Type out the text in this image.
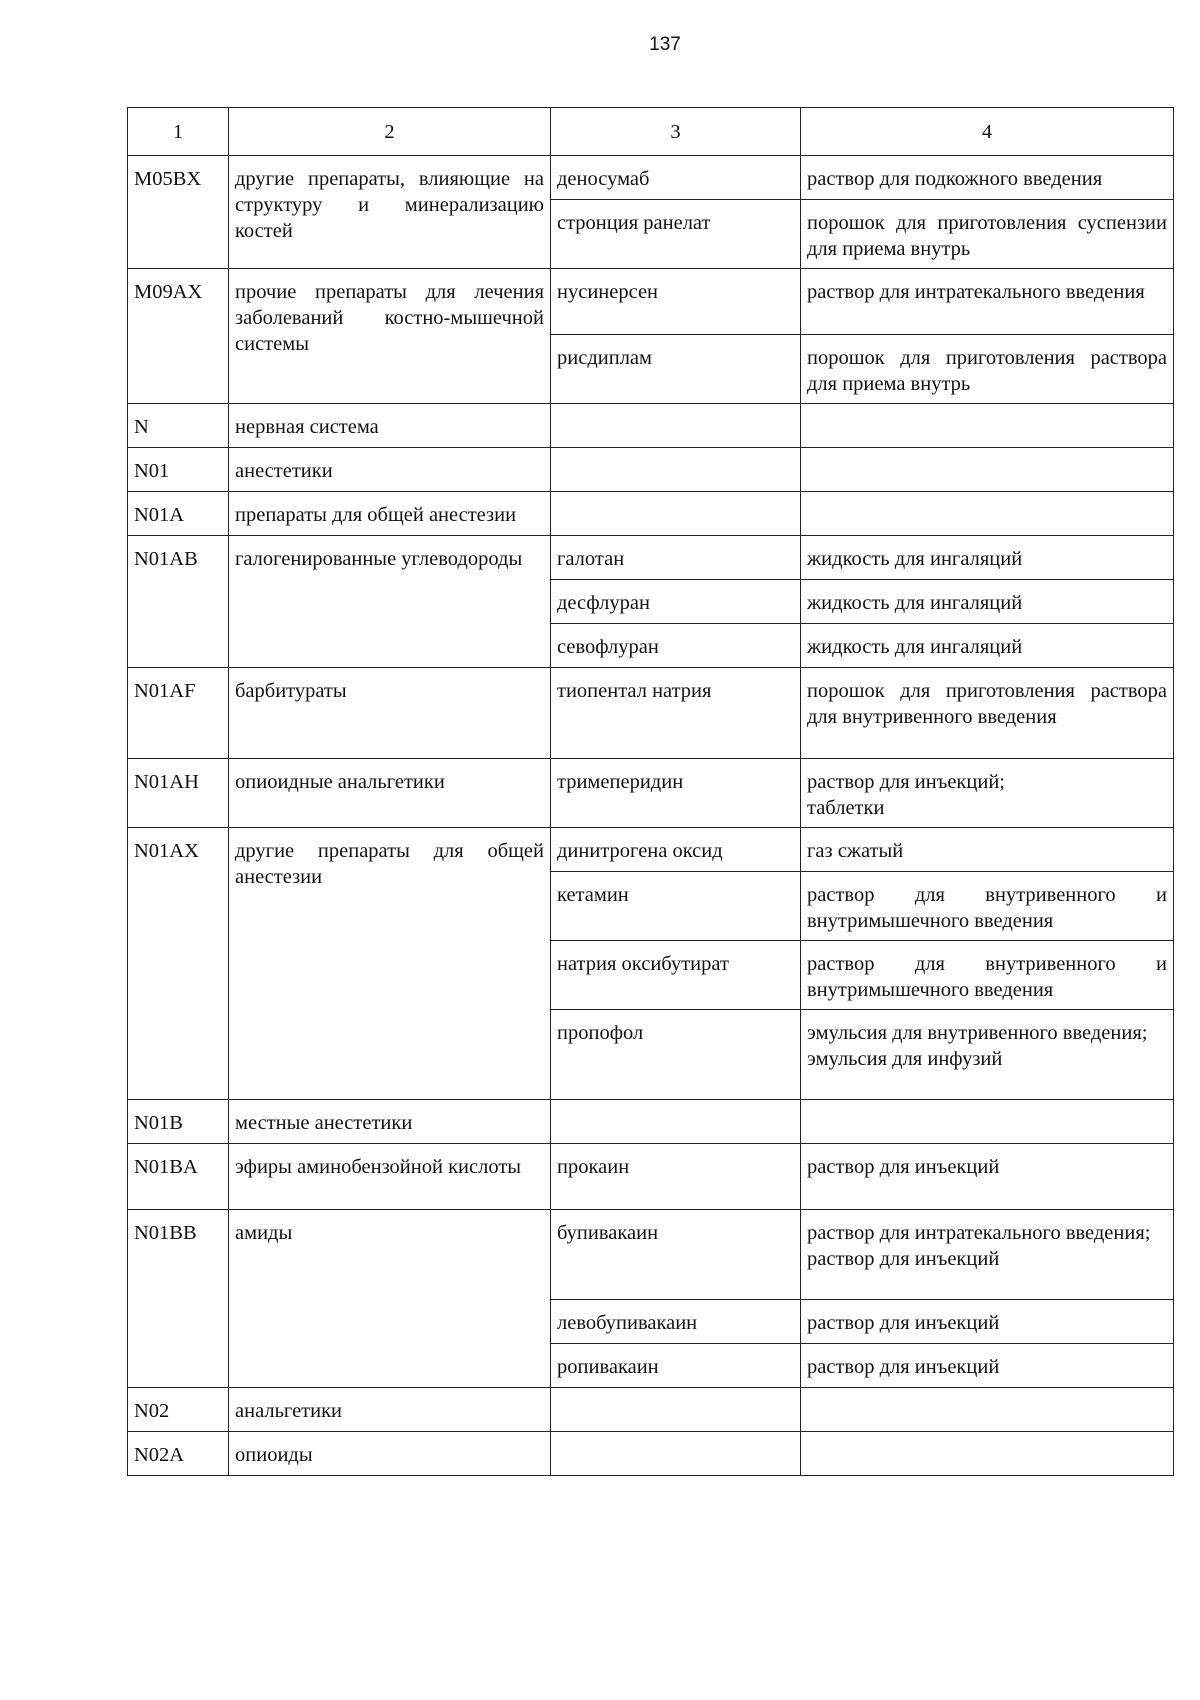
137
1	2	3	4
M05BX	другие препараты, влияющие на структуру и минерализацию костей	деносумаб	раствор для подкожного введения
		стронция ранелат	порошок для приготовления суспензии для приема внутрь
M09AX	прочие препараты для лечения заболеваний костно-мышечной системы	нусинерсен	раствор для интратекального введения
		рисдиплам	порошок для приготовления раствора для приема внутрь
N	нервная система		
N01	анестетики		
N01A	препараты для общей анестезии		
N01AB	галогенированные углеводороды	галотан	жидкость для ингаляций
		десфлуран	жидкость для ингаляций
		севофлуран	жидкость для ингаляций
N01AF	барбитураты	тиопентал натрия	порошок для приготовления раствора для внутривенного введения
N01AH	опиоидные анальгетики	тримеперидин	раствор для инъекций;
таблетки
N01AX	другие препараты для общей анестезии	динитрогена оксид	газ сжатый
		кетамин	раствор для внутривенного и внутримышечного введения
		натрия оксибутират	раствор для внутривенного и внутримышечного введения
		пропофол	эмульсия для внутривенного введения;
эмульсия для инфузий
N01B	местные анестетики		
N01BA	эфиры аминобензойной кислоты	прокаин	раствор для инъекций
N01BB	амиды	бупивакаин	раствор для интратекального введения;
раствор для инъекций
		левобупивакаин	раствор для инъекций
		ропивакаин	раствор для инъекций
N02	анальгетики		
N02A	опиоиды		
